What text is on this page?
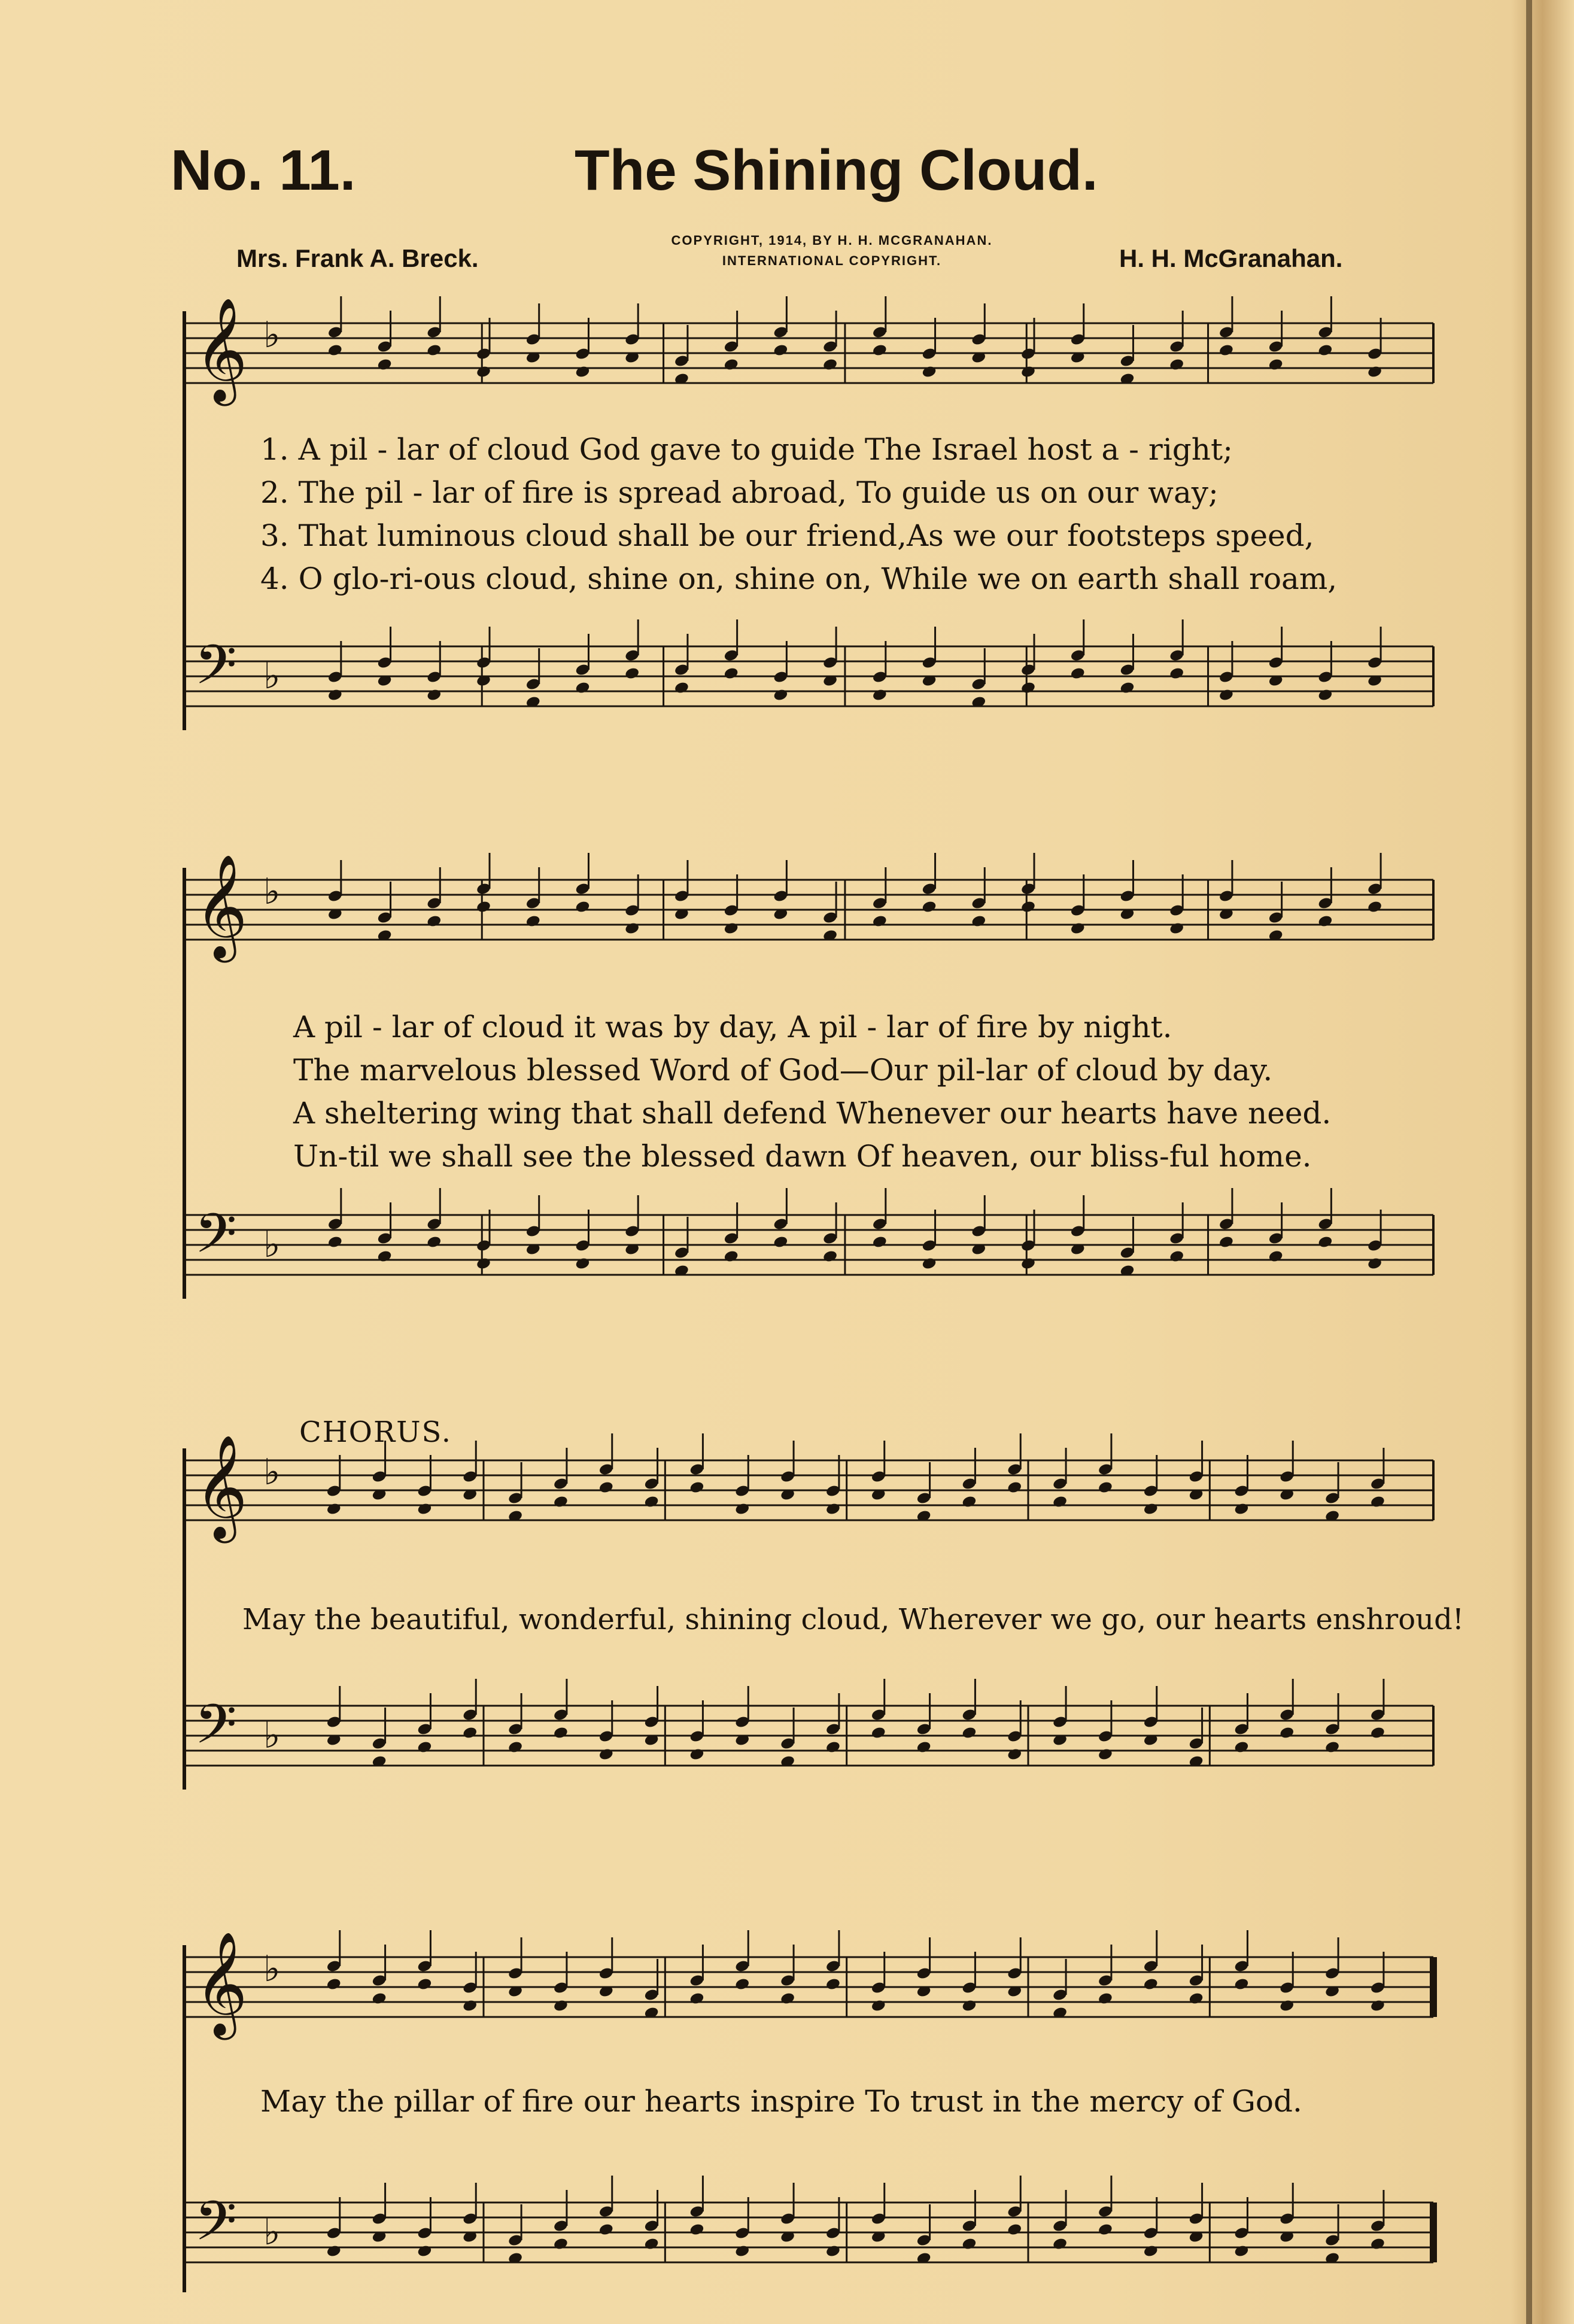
No. 11.	The Shining Cloud.
Mrs. Frank A. Breck.	H. H. McGranahan.
COPYRIGHT, 1914, BY H. H. MCGRANAHAN.
INTERNATIONAL COPYRIGHT.
𝄞 ♭
1. A pil - lar of cloud God gave to guide The Israel host a - right;
2. The pil - lar of fire is spread abroad, To guide us on our way;
3. That luminous cloud shall be our friend,As we our footsteps speed,
4. O glo-ri-ous cloud, shine on, shine on, While we on earth shall roam,
𝄢 ♭
𝄞 ♭
A pil - lar of cloud it was by day, A pil - lar of fire by night.
The marvelous blessed Word of God—Our pil-lar of cloud by day.
A sheltering wing that shall defend Whenever our hearts have need.
Un-til we shall see the blessed dawn Of heaven, our bliss-ful home.
𝄢 ♭
CHORUS.
𝄞 ♭
May the beautiful, wonderful, shining cloud, Wherever we go, our hearts enshroud!
𝄢 ♭
𝄞 ♭
May the pillar of fire our hearts inspire To trust in the mercy of God.
𝄢 ♭
